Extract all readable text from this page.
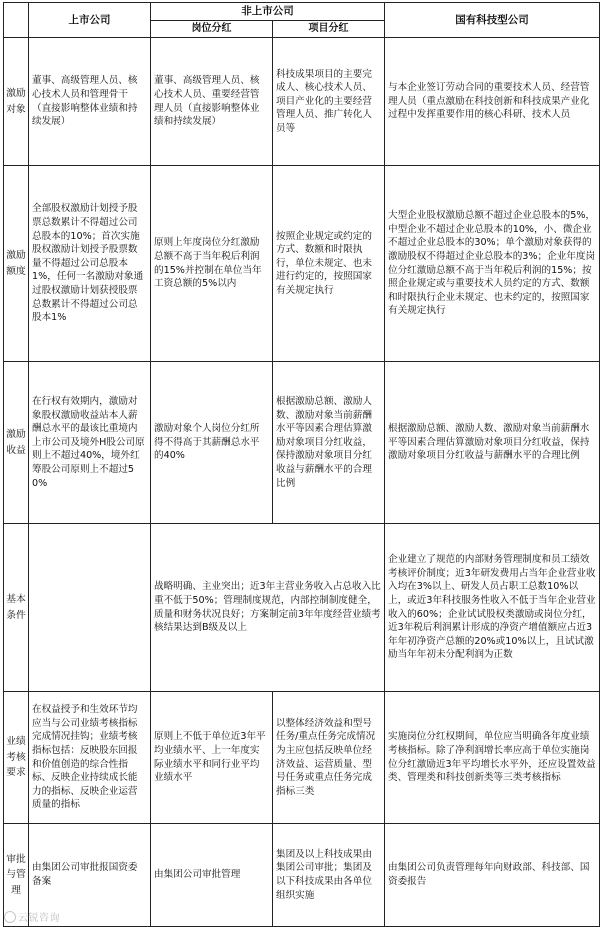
	上市公司	非上市公司		国有科技型公司
		岗位分红	项目分红	
激励对象	董事、高级管理人员、核心技术人员和管理骨干（直接影响整体业绩和持续发展）	董事、高级管理人员、核心技术人员、重要经营管理人员（直接影响整体业绩和持续发展）	科技成果项目的主要完成人、核心技术人员、项目产业化的主要经营管理人员、推广转化人员等	与本企业签订劳动合同的重要技术人员、经营管理人员（重点激励在科技创新和科技成果产业化过程中发挥重要作用的核心科研、技术人员
激励额度	全部股权激励计划授予股票总数累计不得超过公司总股本的10%；首次实施股权激励计划授予股票数量不得超过公司总股本1%，任何一名激励对象通过股权激励计划获授股票总数累计不得超过公司总股本1%	原则上年度岗位分红激励总额不高于当年税后利润的15%并控制在单位当年工资总额的5%以内	按照企业规定或约定的方式、数额和时限执行，单位未规定、也未进行约定的，按照国家有关规定执行	大型企业股权激励总额不超过企业总股本的5%，中型企业不超过企业总股本的10%，小、微企业不超过企业总股本的30%；单个激励对象获得的激励股权不得超过企业总股本的3%；企业年度岗位分红激励总额不高于当年税后利润的15%；按照企业规定或与重要技术人员约定的方式、数额和时限执行企业未规定、也未约定的，按照国家有关规定执行
激励收益	在行权有效期内，激励对象股权激励收益站本人薪酬总水平的最该比重境内上市公司及境外H股公司原则上不超过40%，境外红筹股公司原则上不超过50%	激励对象个人岗位分红所得不得高于其薪酬总水平的40%	根据激励总额、激励人数、激励对象当前薪酬水平等因素合理估算激励对象项目分红收益，保持激励对象项目分红收益与薪酬水平的合理比例	根据激励总额、激励人数、激励对象当前薪酬水平等因素合理估算激励对象项目分红收益，保持激励对象项目分红收益与薪酬水平的合理比例
基本条件		战略明确、主业突出；近3年主营业务收入占总收入比重不低于50%；管理制度规范，内部控制制度健全，质量和财务状况良好；方案制定前3年年度经营业绩考核结果达到B级及以上		企业建立了规范的内部财务管理制度和员工绩效考核评价制度；近3年研发费用占当年企业营业收入均在3%以上、研发人员占职工总数10%以上，或近3年科技服务性收入不低于当年企业营业收入的60%；企业试试股权类激励或岗位分红，近3年税后利润累计形成的净资产增值额应占近3年年初净资产总额的20%或10%以上，且试试激励当年年初未分配利润为正数
业绩考核要求	在权益授予和生效环节均应当与公司业绩考核指标完成情况挂钩；业绩考核指标包括：反映股东回报和价值创造的综合性指标、反映企业持续成长能力的指标、反映企业运营质量的指标	原则上不低于单位近3年平均业绩水平、上一年度实际业绩水平和同行业平均业绩水平	以整体经济效益和型号任务/重点任务完成情况为主应包括反映单位经济效益、运营质量、型号任务或重点任务完成指标三类	实施岗位分红权期间，单位应当明确各年度业绩考核指标。除了净利润增长率应高于单位实施岗位分红激励近3年平均增长水平外，还应设置效益类、管理类和科技创新类等三类考核指标
审批与管理	由集团公司审批报国资委备案	由集团公司审批管理	集团及以上科技成果由集团公司审批；集团及以下科技成果由各单位组织实施	由集团公司负责管理每年向财政部、科技部、国资委报告
云锐咨询
